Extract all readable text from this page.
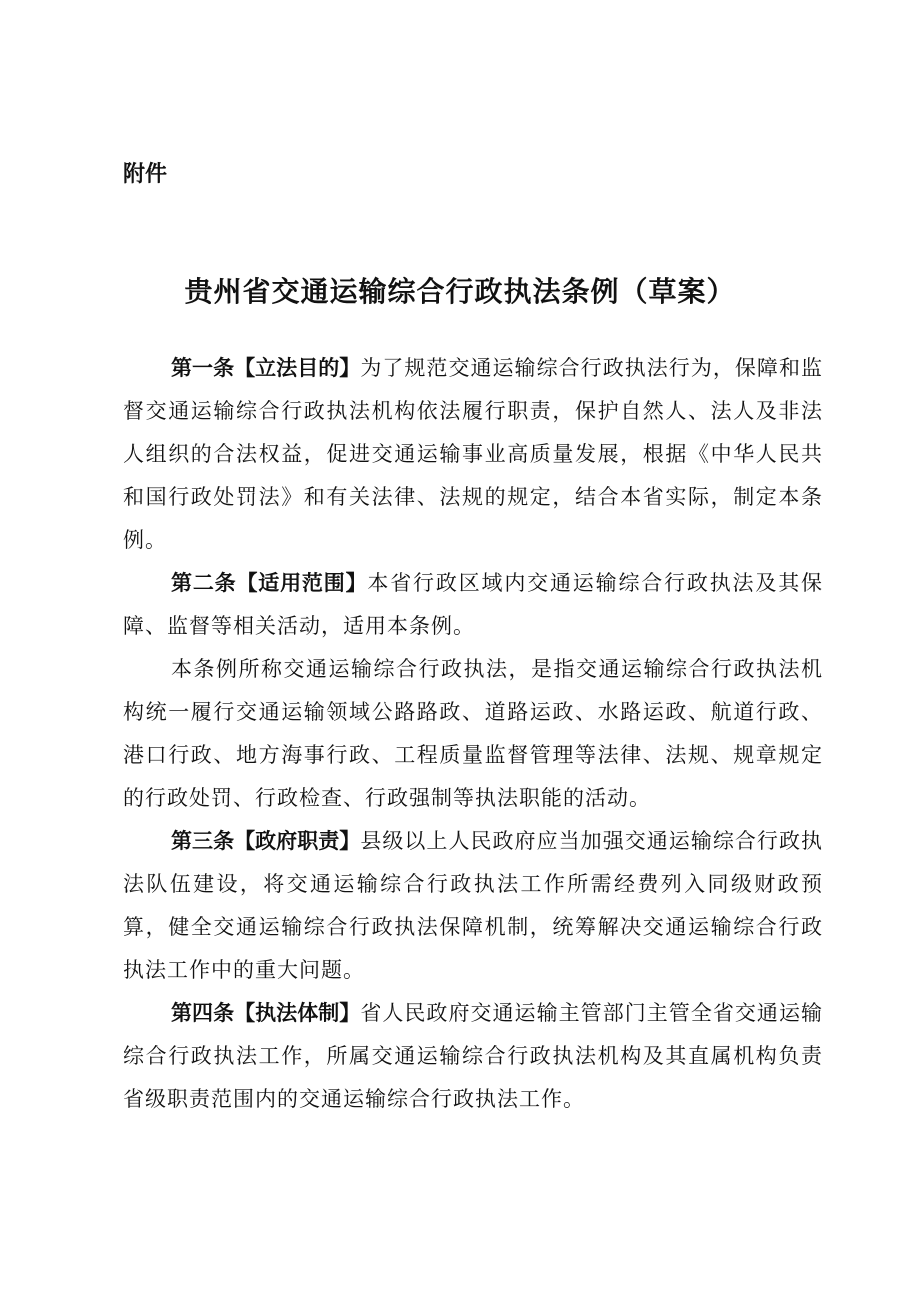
附件

贵州省交通运输综合行政执法条例（草案）

第一条【立法目的】为了规范交通运输综合行政执法行为，保障和监督交通运输综合行政执法机构依法履行职责，保护自然人、法人及非法人组织的合法权益，促进交通运输事业高质量发展，根据《中华人民共和国行政处罚法》和有关法律、法规的规定，结合本省实际，制定本条例。

第二条【适用范围】本省行政区域内交通运输综合行政执法及其保障、监督等相关活动，适用本条例。

本条例所称交通运输综合行政执法，是指交通运输综合行政执法机构统一履行交通运输领域公路路政、道路运政、水路运政、航道行政、港口行政、地方海事行政、工程质量监督管理等法律、法规、规章规定的行政处罚、行政检查、行政强制等执法职能的活动。

第三条【政府职责】县级以上人民政府应当加强交通运输综合行政执法队伍建设，将交通运输综合行政执法工作所需经费列入同级财政预算，健全交通运输综合行政执法保障机制，统筹解决交通运输综合行政执法工作中的重大问题。

第四条【执法体制】省人民政府交通运输主管部门主管全省交通运输综合行政执法工作，所属交通运输综合行政执法机构及其直属机构负责省级职责范围内的交通运输综合行政执法工作。
